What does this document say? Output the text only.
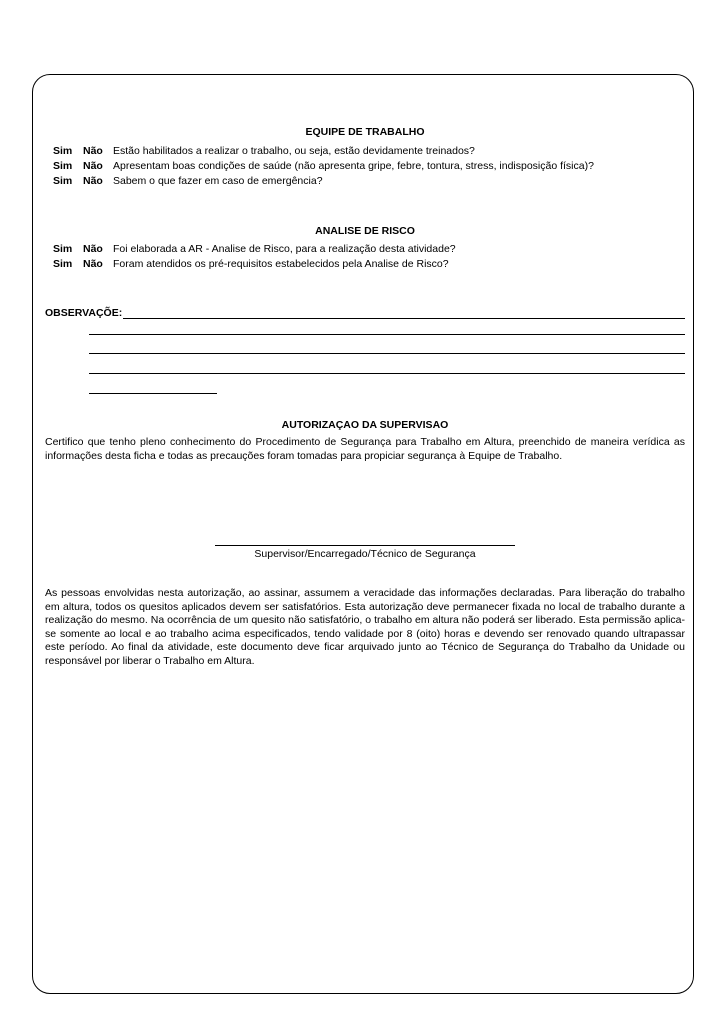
EQUIPE DE TRABALHO
Sim Não Estão habilitados a realizar o trabalho, ou seja, estão devidamente treinados?
Sim Não Apresentam boas condições de saúde (não apresenta gripe, febre, tontura, stress, indisposição física)?
Sim NãoSabem o que fazer em caso de emergência?
ANALISE DE RISCO
Sim Não Foi elaborada a AR - Analise de Risco, para a realização desta atividade?
Sim Não Foram atendidos os pré-requisitos estabelecidos pela Analise de Risco?
OBSERVAÇÕE:
AUTORIZAÇAO DA SUPERVISAO
Certifico que tenho pleno conhecimento do Procedimento de Segurança para Trabalho em Altura, preenchido de maneira verídica as informações desta ficha e todas as precauções foram tomadas para propiciar segurança à Equipe de Trabalho.
Supervisor/Encarregado/Técnico de Segurança
As pessoas envolvidas nesta autorização, ao assinar, assumem a veracidade das informações declaradas. Para liberação do trabalho em altura, todos os quesitos aplicados devem ser satisfatórios. Esta autorização deve permanecer fixada no local de trabalho durante a realização do mesmo. Na ocorrência de um quesito não satisfatório, o trabalho em altura não poderá ser liberado. Esta permissão aplica-se somente ao local e ao trabalho acima especificados, tendo validade por 8 (oito) horas e devendo ser renovado quando ultrapassar este período. Ao final da atividade, este documento deve ficar arquivado junto ao Técnico de Segurança do Trabalho da Unidade ou responsável por liberar o Trabalho em Altura.
